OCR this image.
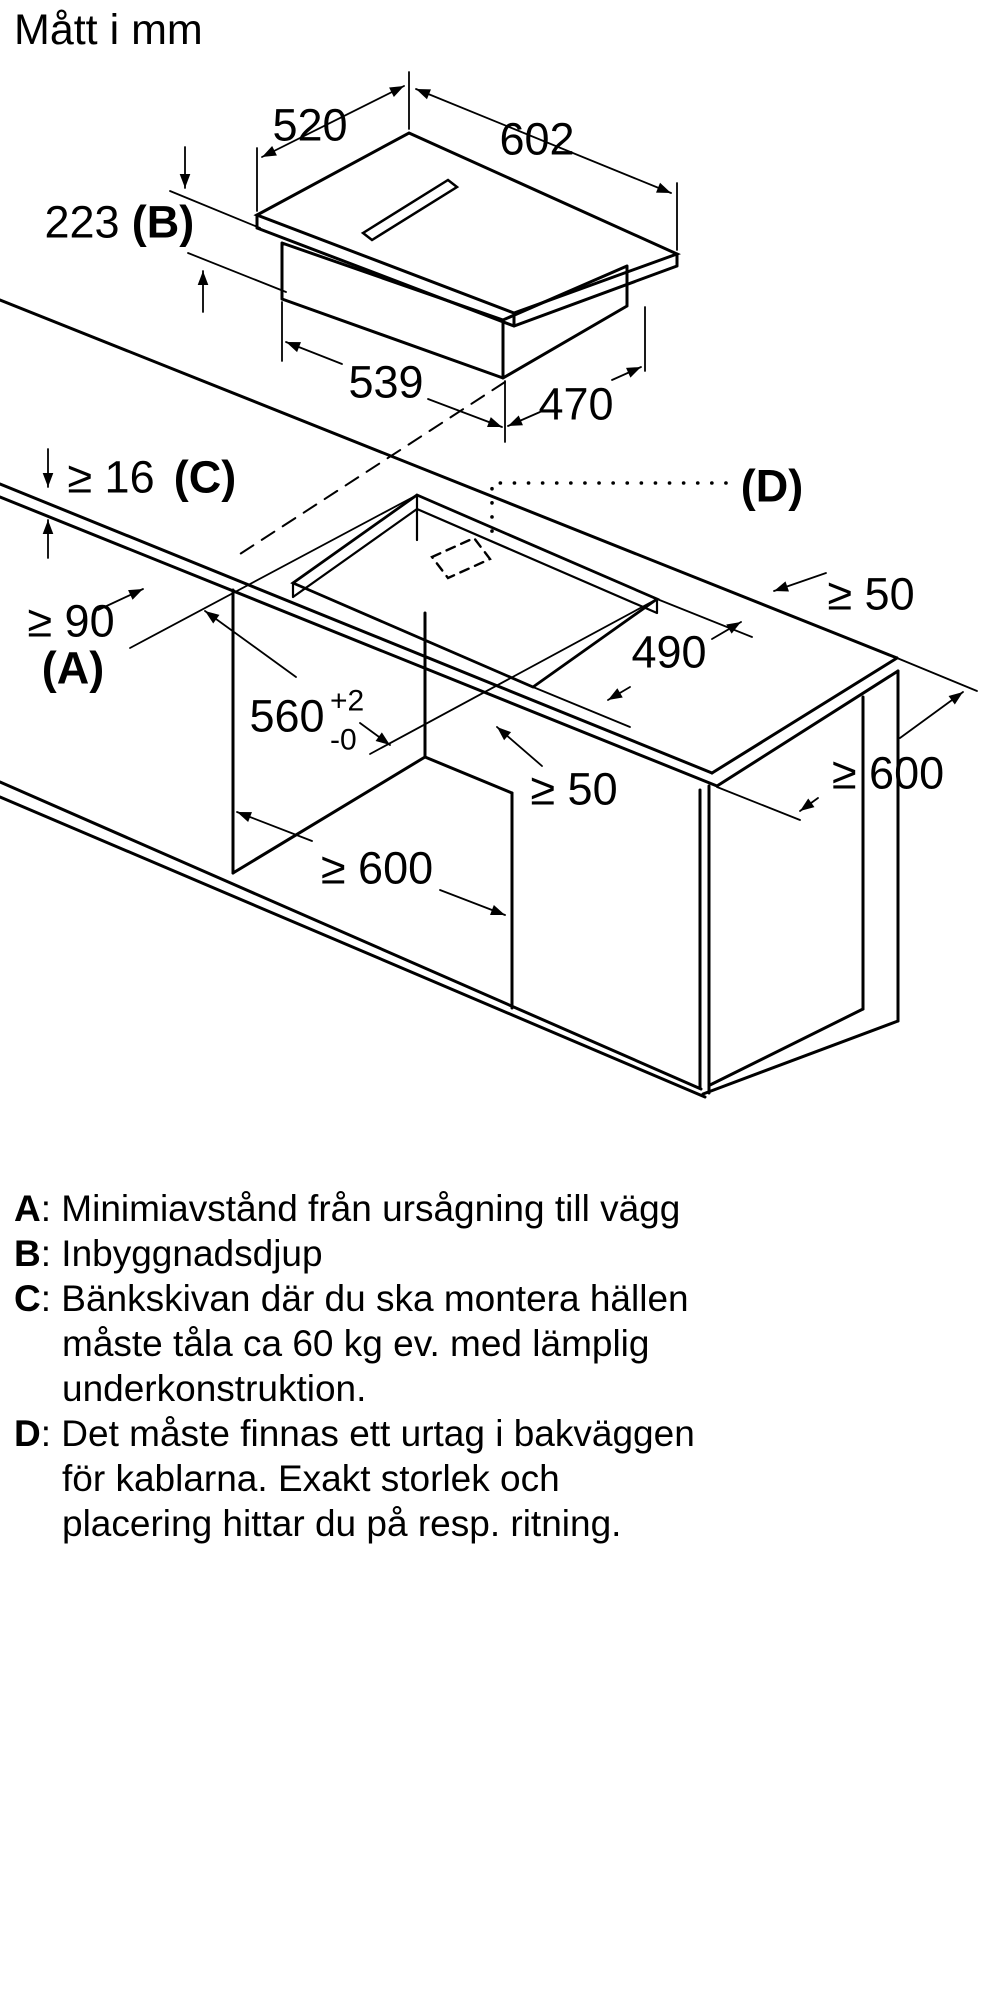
Mått i mm
520	602
223 (B)
539	470
≥ 16 (C)	(D)
≥ 50
≥ 90
(A)	490
560 +2
-0
≥ 600
≥ 50
≥ 600
A: Minimiavstånd från ursågning till vägg
B: Inbyggnadsdjup
C: Bänkskivan där du ska montera hällen måste tåla ca 60 kg ev. med lämplig underkonstruktion.
D: Det måste finnas ett urtag i bakväggen för kablarna. Exakt storlek och placering hittar du på resp. ritning.
